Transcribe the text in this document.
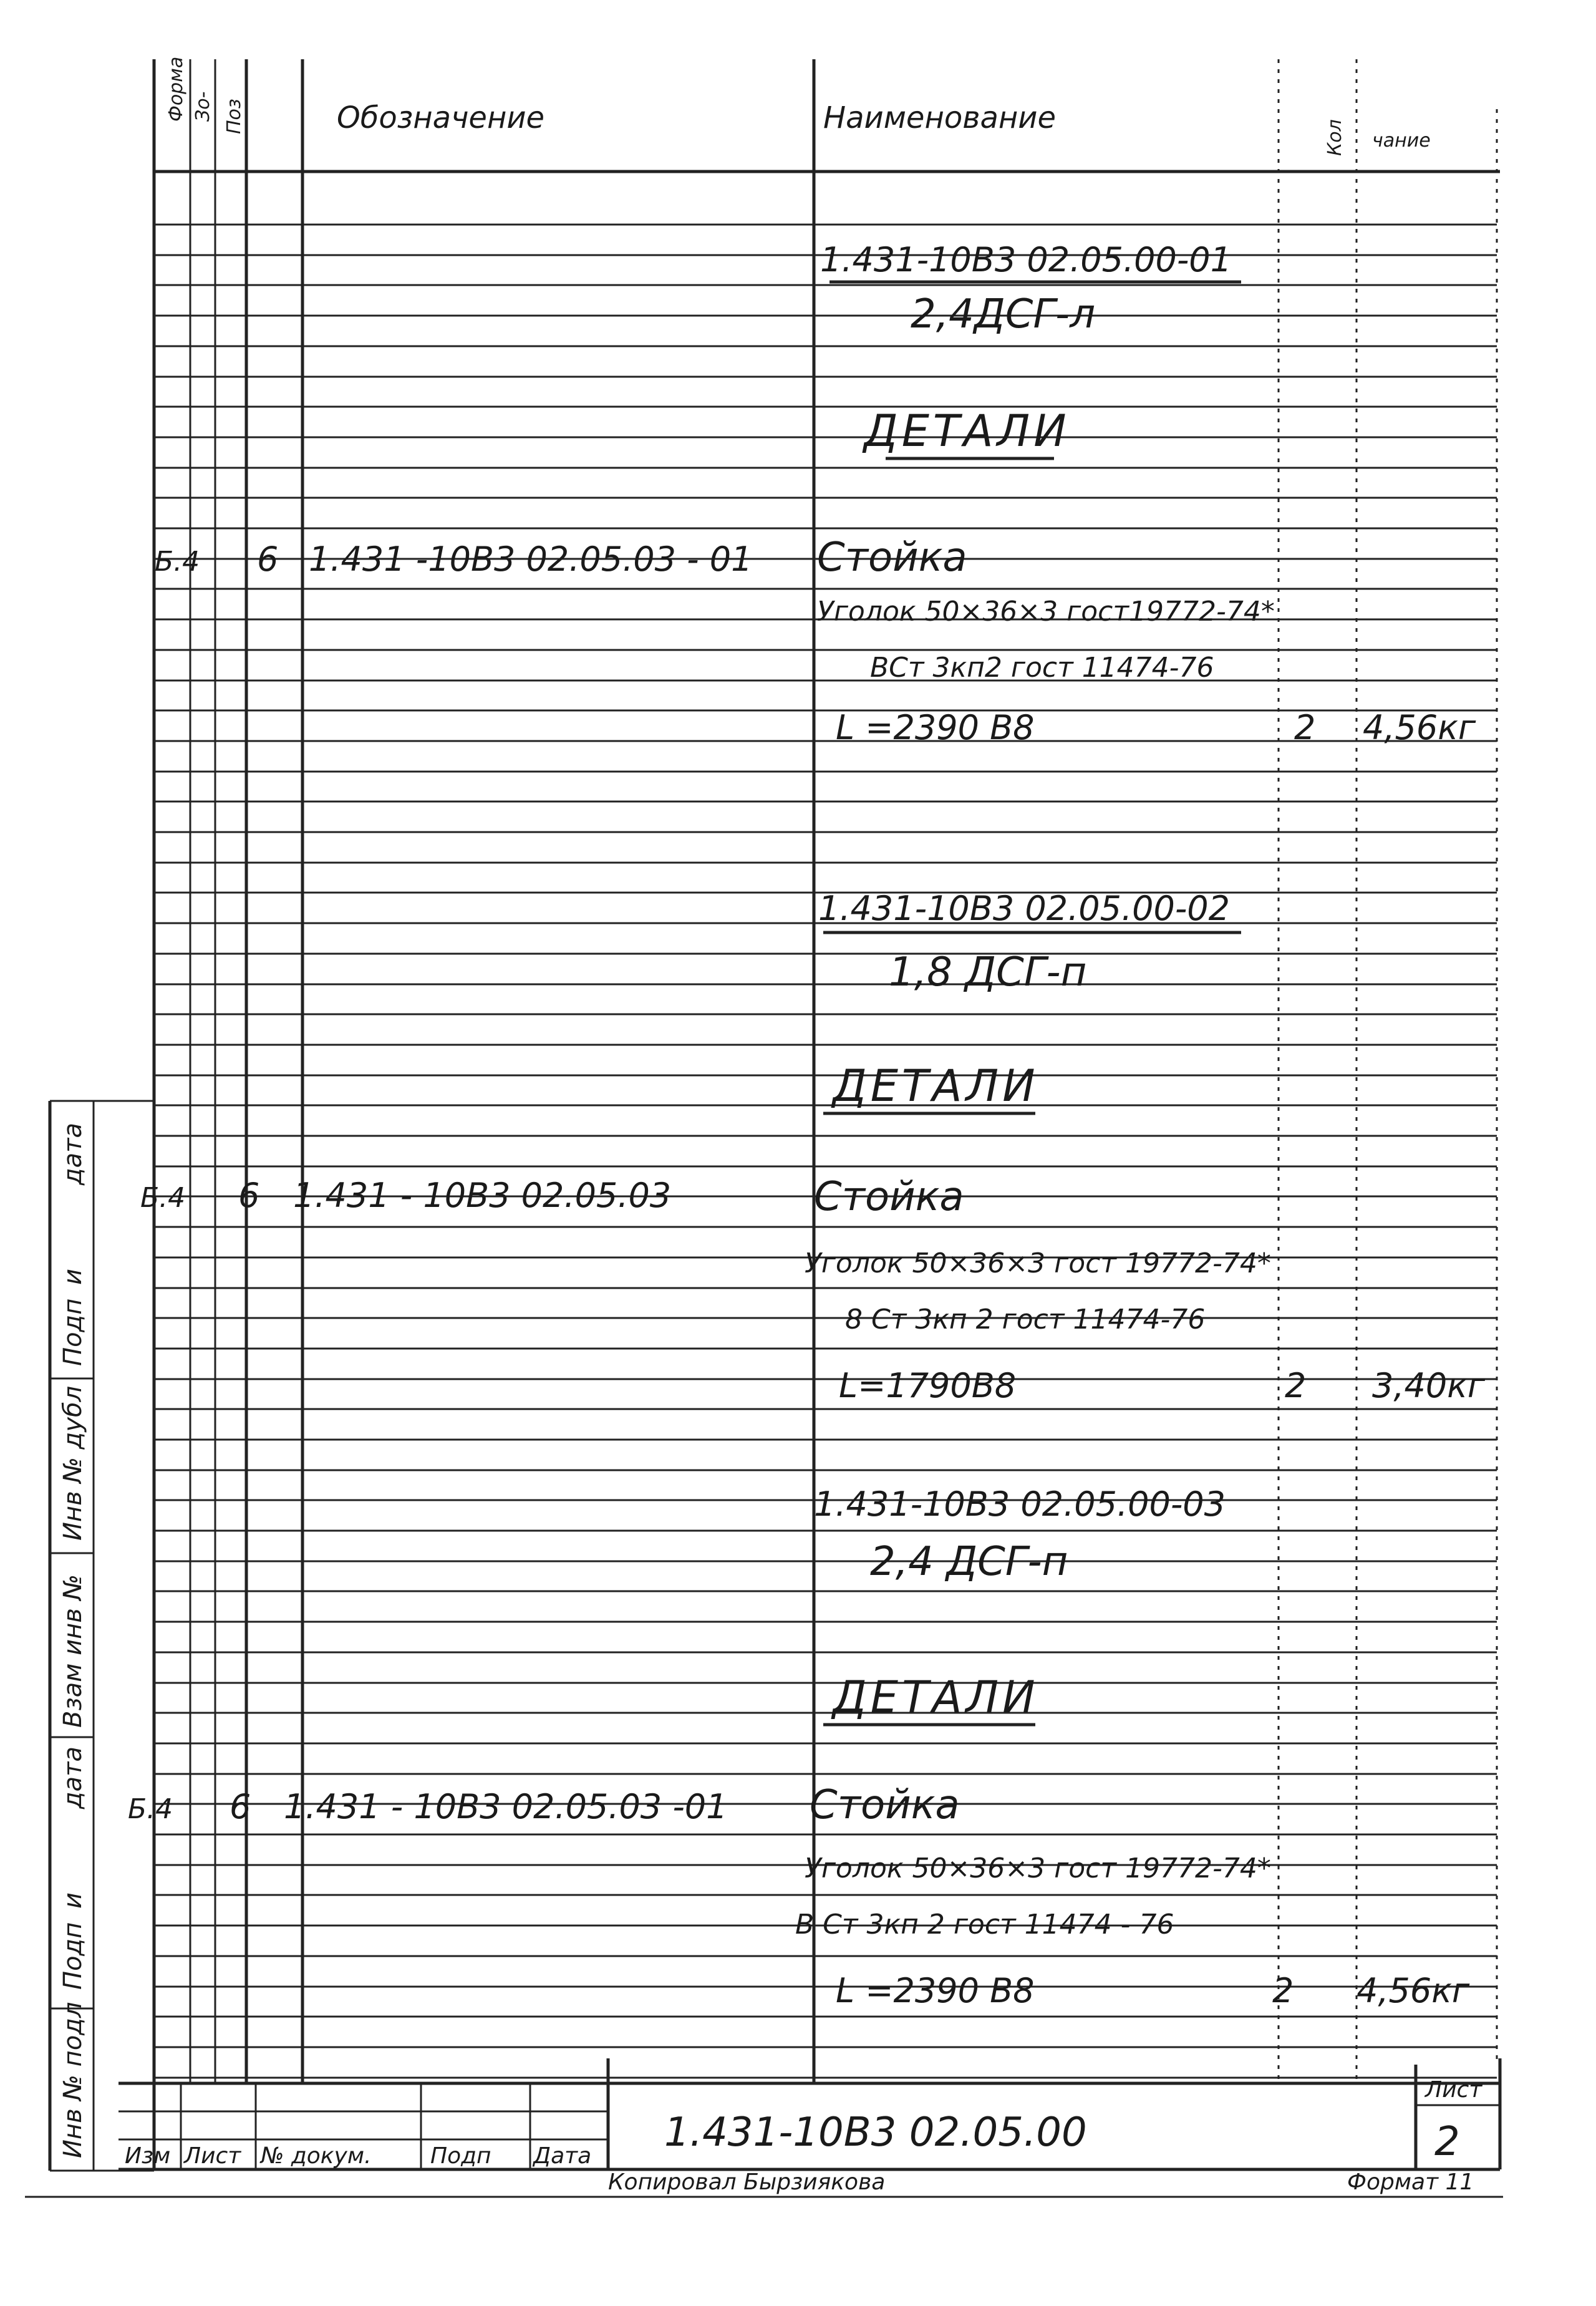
Форма Зо- Поз	Обозначение	Наименование
Кол чание
1.431-10В3 02.05.00-01
2,4ДСГ-л
ДЕТАЛИ
Б.4 6 1.431 -10В3 02.05.03 - 01 Стойка
Уголок 50×36×3 гост19772-74*
ВСт 3кп2 гост 11474-76
L =2390 В8	2 4,56кг
1.431-10В3 02.05.00-02
1,8 ДСГ-п
ДЕТАЛИ
Б.4 6 1.431 - 10В3 02.05.03	Стойка
Уголок 50×36×3 гост 19772-74*
8 Ст 3кп 2 гост 11474-76
L=1790В8	2 3,40кг
1.431-10В3 02.05.00-03
2,4 ДСГ-п
ДЕТАЛИ
Б.4 6 1.431 - 10В3 02.05.03 -01 Стойка
Уголок 50×36×3 гост 19772-74*
В Ст 3кп 2 гост 11474 - 76
L =2390 В8	2 4,56кг
Инв № подл
Подп
и
дата
Взам инв №
Инв № дубл
Подп
и
дата
Изм Лист № докум.	Подп Дата
1.431-10В3 02.05.00
Лист
2
Копировал Бырзиякова	Формат 11
